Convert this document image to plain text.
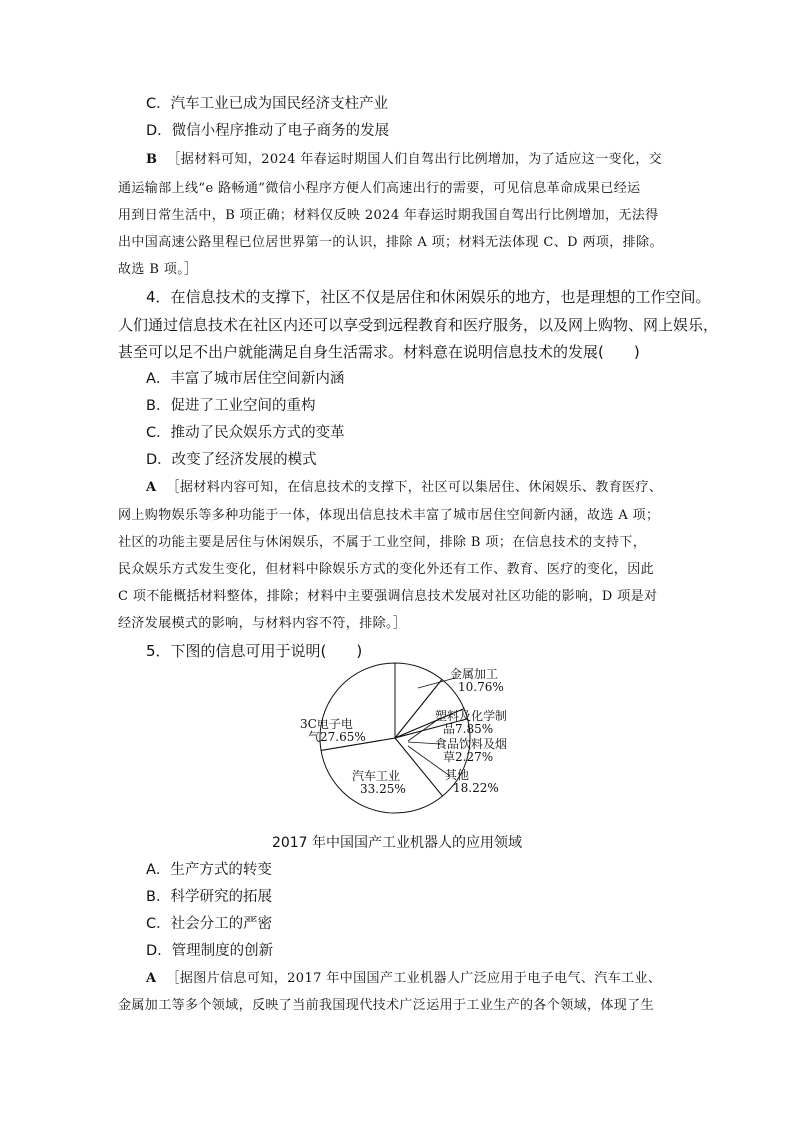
C．汽车工业已成为国民经济支柱产业
D．微信小程序推动了电子商务的发展
B ［据材料可知，2024 年春运时期国人们自驾出行比例增加，为了适应这一变化，交
通运输部上线“e 路畅通”微信小程序方便人们高速出行的需要，可见信息革命成果已经运
用到日常生活中，B 项正确；材料仅反映 2024 年春运时期我国自驾出行比例增加，无法得
出中国高速公路里程已位居世界第一的认识，排除 A 项；材料无法体现 C、D 两项，排除。
故选 B 项。］
4．在信息技术的支撑下，社区不仅是居住和休闲娱乐的地方，也是理想的工作空间。
人们通过信息技术在社区内还可以享受到远程教育和医疗服务，以及网上购物、网上娱乐，
甚至可以足不出户就能满足自身生活需求。材料意在说明信息技术的发展(　　)
A．丰富了城市居住空间新内涵
B．促进了工业空间的重构
C．推动了民众娱乐方式的变革
D．改变了经济发展的模式
A ［据材料内容可知，在信息技术的支撑下，社区可以集居住、休闲娱乐、教育医疗、
网上购物娱乐等多种功能于一体，体现出信息技术丰富了城市居住空间新内涵，故选 A 项；
社区的功能主要是居住与休闲娱乐，不属于工业空间，排除 B 项；在信息技术的支持下，
民众娱乐方式发生变化，但材料中除娱乐方式的变化外还有工作、教育、医疗的变化，因此
C 项不能概括材料整体，排除；材料中主要强调信息技术发展对社区功能的影响，D 项是对
经济发展模式的影响，与材料内容不符，排除。］
5．下图的信息可用于说明(　　)
金属加工 10.76%
塑料及化学制品7.85%
食品饮料及烟草2.27%
其他 18.22%
汽车工业 33.25%
3C电子电气27.65%
2017 年中国国产工业机器人的应用领域
A．生产方式的转变
B．科学研究的拓展
C．社会分工的严密
D．管理制度的创新
A ［据图片信息可知，2017 年中国国产工业机器人广泛应用于电子电气、汽车工业、
金属加工等多个领域，反映了当前我国现代技术广泛运用于工业生产的各个领域，体现了生
